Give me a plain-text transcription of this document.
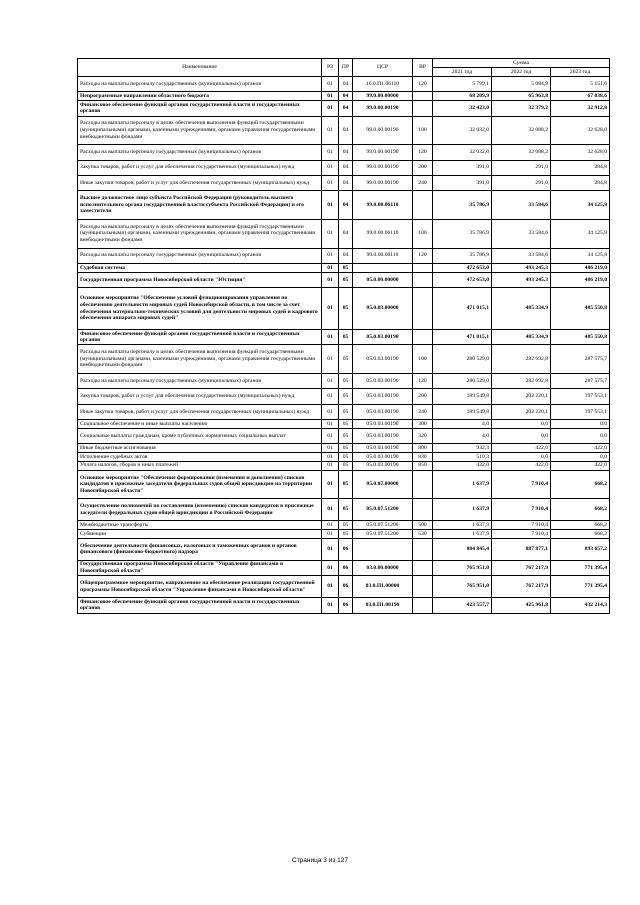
Наименование	РЗ	ПР	ЦСР	ВР	Сумма		
					2021 год	2022 год	2023 год
Расходы на выплаты персоналу государственных (муниципальных) органов	01	04	16.0.П1.06110	120	5 799,1	5 084,9	5 151,6
Непрограммные направления областного бюджета	01	04	99.0.00.00000		68 209,9	65 963,8	67 038,6
Финансовое обеспечение функций органов государственной власти и государственных органов	01	04	99.0.00.00190		32 423,0	32 379,2	32 912,8
Расходы на выплаты персоналу в целях обеспечения выполнения функций государственными (муниципальными) органами, казенными учреждениями, органами управления государственными внебюджетными фондами	01	04	99.0.00.00190	100	32 032,0	32 088,2	32 628,0
Расходы на выплаты персоналу государственных (муниципальных) органов	01	04	99.0.00.00190	120	32 032,0	32 088,2	32 628,0
Закупка товаров, работ и услуг для обеспечения государственных (муниципальных) нужд	01	04	99.0.00.00190	200	391,0	291,0	284,8
Иные закупки товаров, работ и услуг для обеспечения государственных (муниципальных) нужд	01	04	99.0.00.00190	240	391,0	291,0	284,8
Высшее должностное лицо субъекта Российской Федерации (руководитель высшего исполнительного органа государственной власти субъекта Российской Федерации) и его заместители	01	04	99.0.00.06110		35 786,9	33 584,6	34 125,8
Расходы на выплаты персоналу в целях обеспечения выполнения функций государственными (муниципальными) органами, казенными учреждениями, органами управления государственными внебюджетными фондами	01	04	99.0.00.06110	100	35 786,9	33 584,6	34 125,8
Расходы на выплаты персоналу государственных (муниципальных) органов	01	04	99.0.00.06110	120	35 786,9	33 584,6	34 125,8
Судебная система	01	05			472 653,0	493 245,3	486 219,0
Государственная программа Новосибирской области "Юстиция"	01	05	05.0.00.00000		472 653,0	493 245,3	486 219,0
Основное мероприятие "Обеспечение условий функционирования управления по обеспечению деятельности мировых судей Новосибирской области, в том числе за счет обеспечения материально-технических условий для деятельности мировых судей и кадрового обеспечения аппарата мировых судей"	01	05	05.0.03.00000		471 015,1	485 334,9	485 550,8
Финансовое обеспечение функций органов государственной власти и государственных органов	01	05	05.0.03.00190		471 015,1	485 334,9	485 550,8
Расходы на выплаты персоналу в целях обеспечения выполнения функций государственными (муниципальными) органами, казенными учреждениями, органами управления государственными внебюджетными фондами	01	05	05.0.03.00190	100	280 529,0	282 692,8	287 575,7
Расходы на выплаты персоналу государственных (муниципальных) органов	01	05	05.0.03.00190	120	280 529,0	282 692,8	287 575,7
Закупка товаров, работ и услуг для обеспечения государственных (муниципальных) нужд	01	05	05.0.03.00190	200	189 549,8	202 220,1	197 553,1
Иные закупки товаров, работ и услуг для обеспечения государственных (муниципальных) нужд	01	05	05.0.03.00190	240	189 549,8	202 220,1	197 553,1
Социальное обеспечение и иные выплаты населению	01	05	05.0.03.00190	300	4,0	0,0	0,0
Социальные выплаты гражданам, кроме публичных нормативных социальных выплат	01	05	05.0.03.00190	320	4,0	0,0	0,0
Иные бюджетные ассигнования	01	05	05.0.03.00190	800	932,3	422,0	422,0
Исполнение судебных актов	01	05	05.0.03.00190	830	510,3	0,0	0,0
Уплата налогов, сборов и иных платежей	01	05	05.0.03.00190	850	422,0	422,0	422,0
Основное мероприятие "Обеспечение формирования (изменения и дополнения) списков кандидатов в присяжные заседатели федеральных судов общей юрисдикции на территории Новосибирской области"	01	05	05.0.07.00000		1 637,9	7 910,4	668,2
Осуществление полномочий по составлению (изменению) списков кандидатов в присяжные заседатели федеральных судов общей юрисдикции в Российской Федерации	01	05	05.0.07.51200		1 637,9	7 910,4	668,2
Межбюджетные трансферты	01	05	05.0.07.51200	500	1 637,9	7 910,4	668,2
Субвенции	01	05	05.0.07.51200	530	1 637,9	7 910,4	668,2
Обеспечение деятельности финансовых, налоговых и таможенных органов и органов финансового (финансово-бюджетного) надзора	01	06			884 845,4	887 877,1	893 657,2
Государственная программа Новосибирской области "Управление финансами в Новосибирской области"	01	06	03.0.00.00000		765 951,0	767 217,9	771 395,4
Общепрограммное мероприятие, направленное на обеспечение реализации государственной программы Новосибирской области "Управление финансами в Новосибирской области"	01	06	03.0.П1.00000		765 951,0	767 217,9	771 395,4
Финансовое обеспечение функций органов государственной власти и государственных органов	01	06	03.0.П1.00190		423 557,7	425 961,8	432 214,3
Страница 3 из 127
